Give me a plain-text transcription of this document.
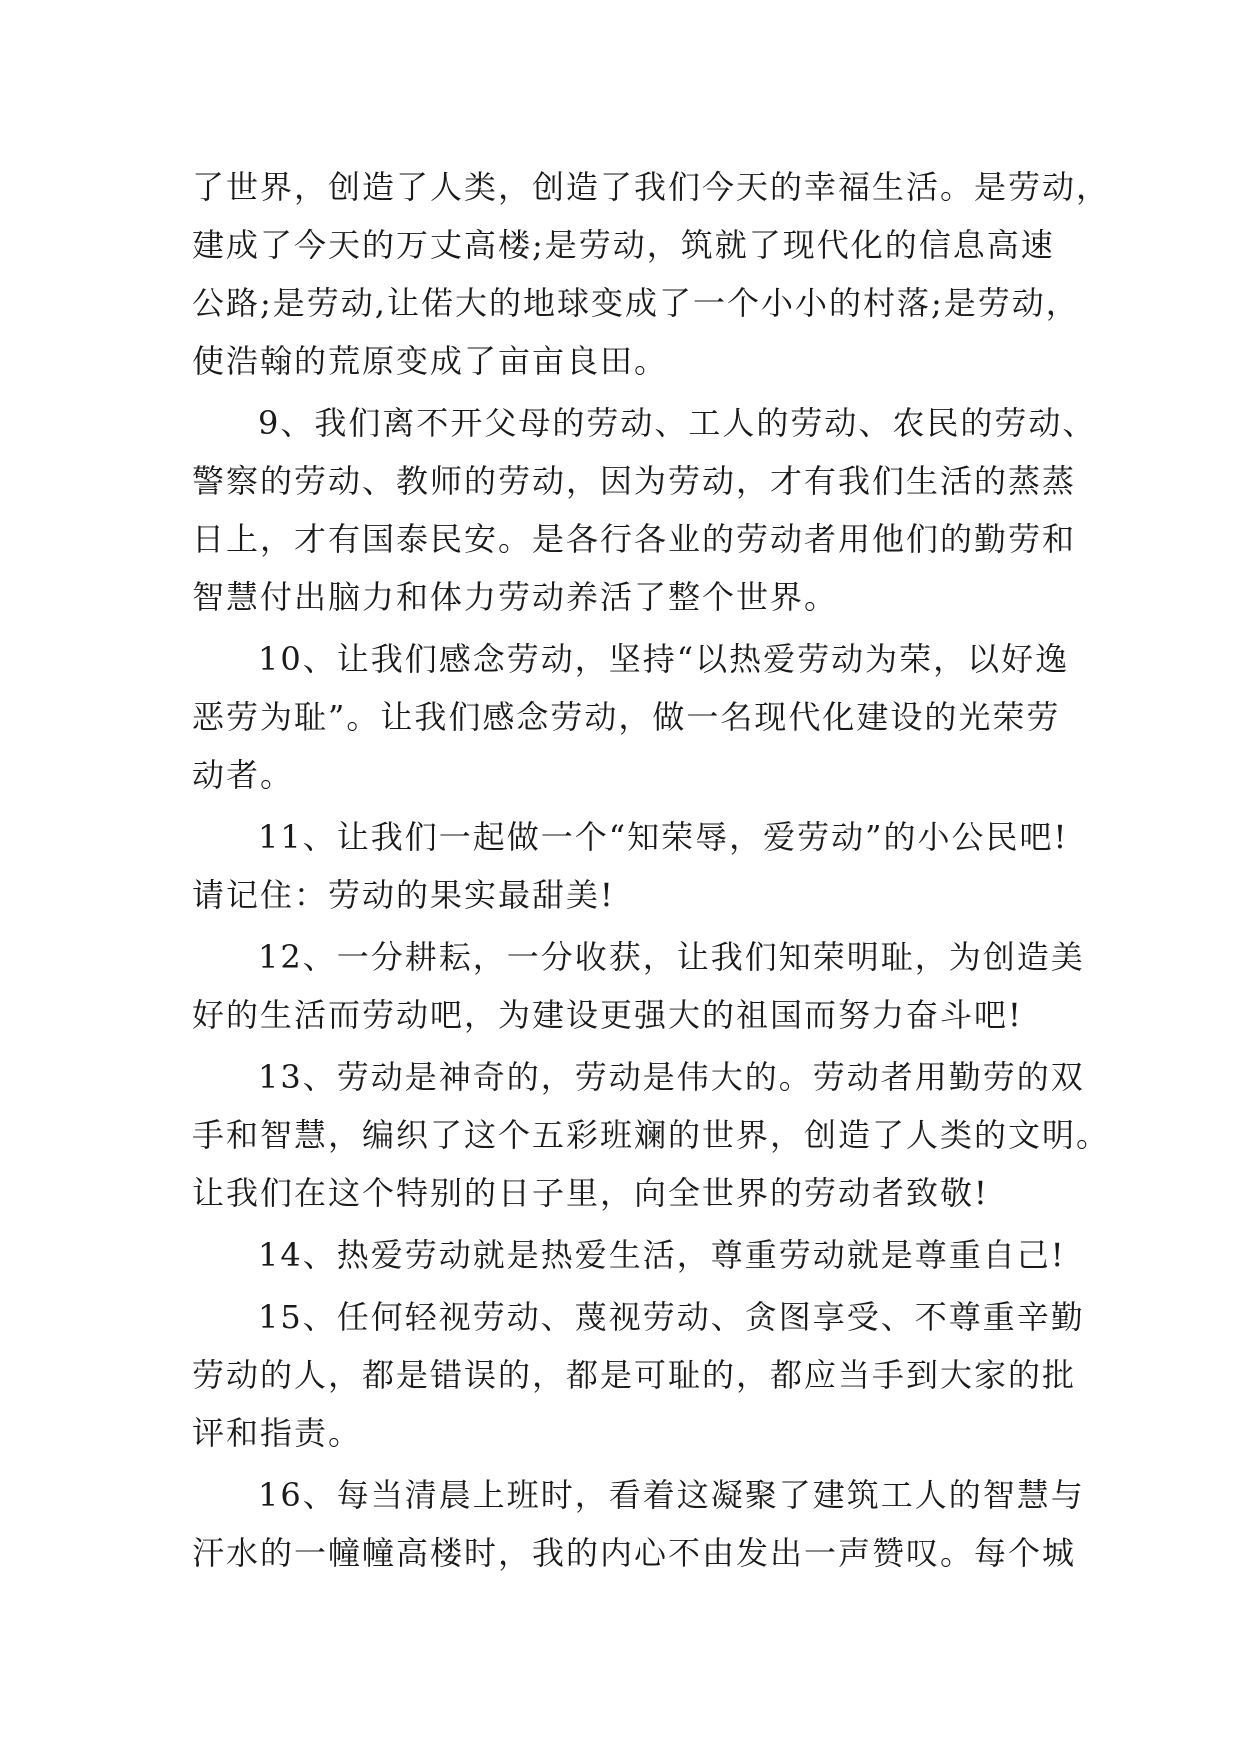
了世界，创造了人类，创造了我们今天的幸福生活。是劳动，
建成了今天的万丈高楼;是劳动，筑就了现代化的信息高速
公路;是劳动,让偌大的地球变成了一个小小的村落;是劳动，
使浩翰的荒原变成了亩亩良田。
9、我们离不开父母的劳动、工人的劳动、农民的劳动、
警察的劳动、教师的劳动，因为劳动，才有我们生活的蒸蒸
日上，才有国泰民安。是各行各业的劳动者用他们的勤劳和
智慧付出脑力和体力劳动养活了整个世界。
10、让我们感念劳动，坚持“以热爱劳动为荣，以好逸
恶劳为耻”。让我们感念劳动，做一名现代化建设的光荣劳
动者。
11、让我们一起做一个“知荣辱，爱劳动”的小公民吧!
请记住：劳动的果实最甜美!
12、一分耕耘，一分收获，让我们知荣明耻，为创造美
好的生活而劳动吧，为建设更强大的祖国而努力奋斗吧!
13、劳动是神奇的，劳动是伟大的。劳动者用勤劳的双
手和智慧，编织了这个五彩班斓的世界，创造了人类的文明。
让我们在这个特别的日子里，向全世界的劳动者致敬!
14、热爱劳动就是热爱生活，尊重劳动就是尊重自己!
15、任何轻视劳动、蔑视劳动、贪图享受、不尊重辛勤
劳动的人，都是错误的，都是可耻的，都应当手到大家的批
评和指责。
16、每当清晨上班时，看着这凝聚了建筑工人的智慧与
汗水的一幢幢高楼时，我的内心不由发出一声赞叹。每个城
